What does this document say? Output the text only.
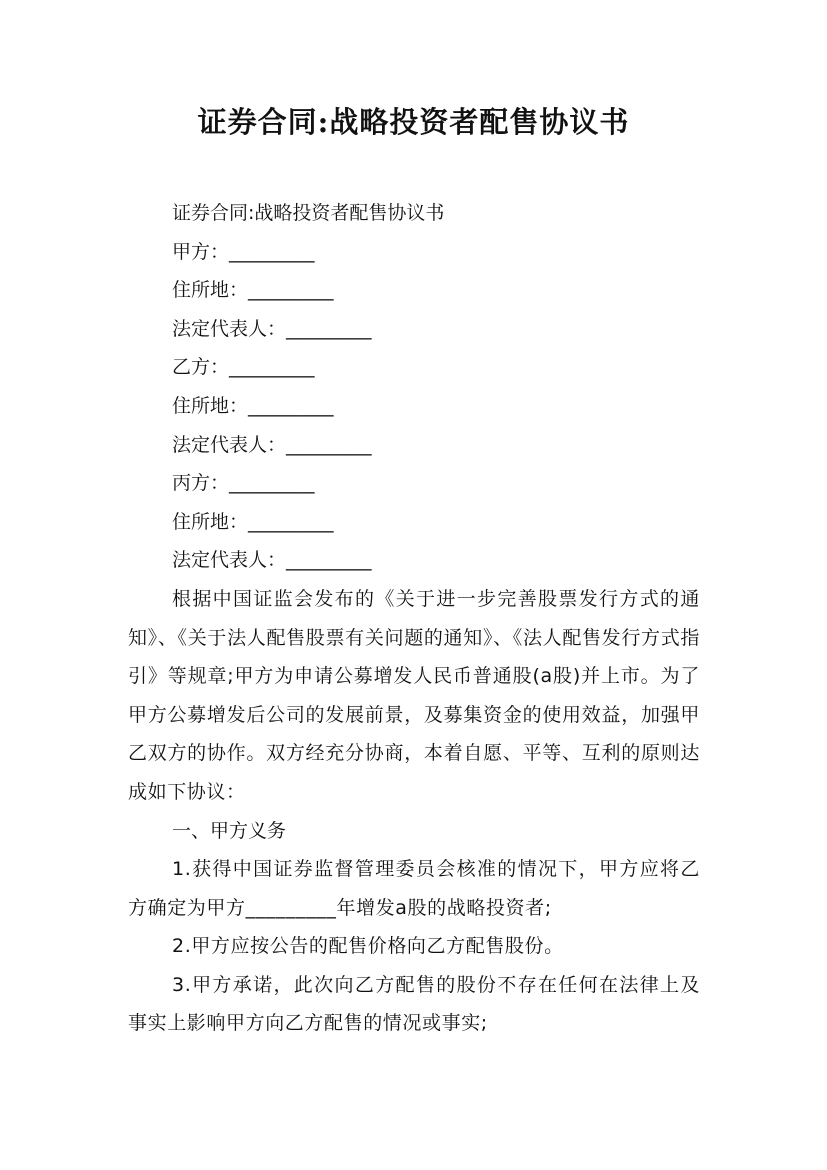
证券合同:战略投资者配售协议书

证券合同:战略投资者配售协议书

甲方：_________

住所地：_________

法定代表人：_________

乙方：_________

住所地：_________

法定代表人：_________

丙方：_________

住所地：_________

法定代表人：_________

根据中国证监会发布的《关于进一步完善股票发行方式的通知》、《关于法人配售股票有关问题的通知》、《法人配售发行方式指引》等规章;甲方为申请公募增发人民币普通股(a股)并上市。为了甲方公募增发后公司的发展前景，及募集资金的使用效益，加强甲乙双方的协作。双方经充分协商，本着自愿、平等、互利的原则达成如下协议：

一、甲方义务

1.获得中国证券监督管理委员会核准的情况下，甲方应将乙方确定为甲方_________年增发a股的战略投资者;

2.甲方应按公告的配售价格向乙方配售股份。

3.甲方承诺，此次向乙方配售的股份不存在任何在法律上及事实上影响甲方向乙方配售的情况或事实;
